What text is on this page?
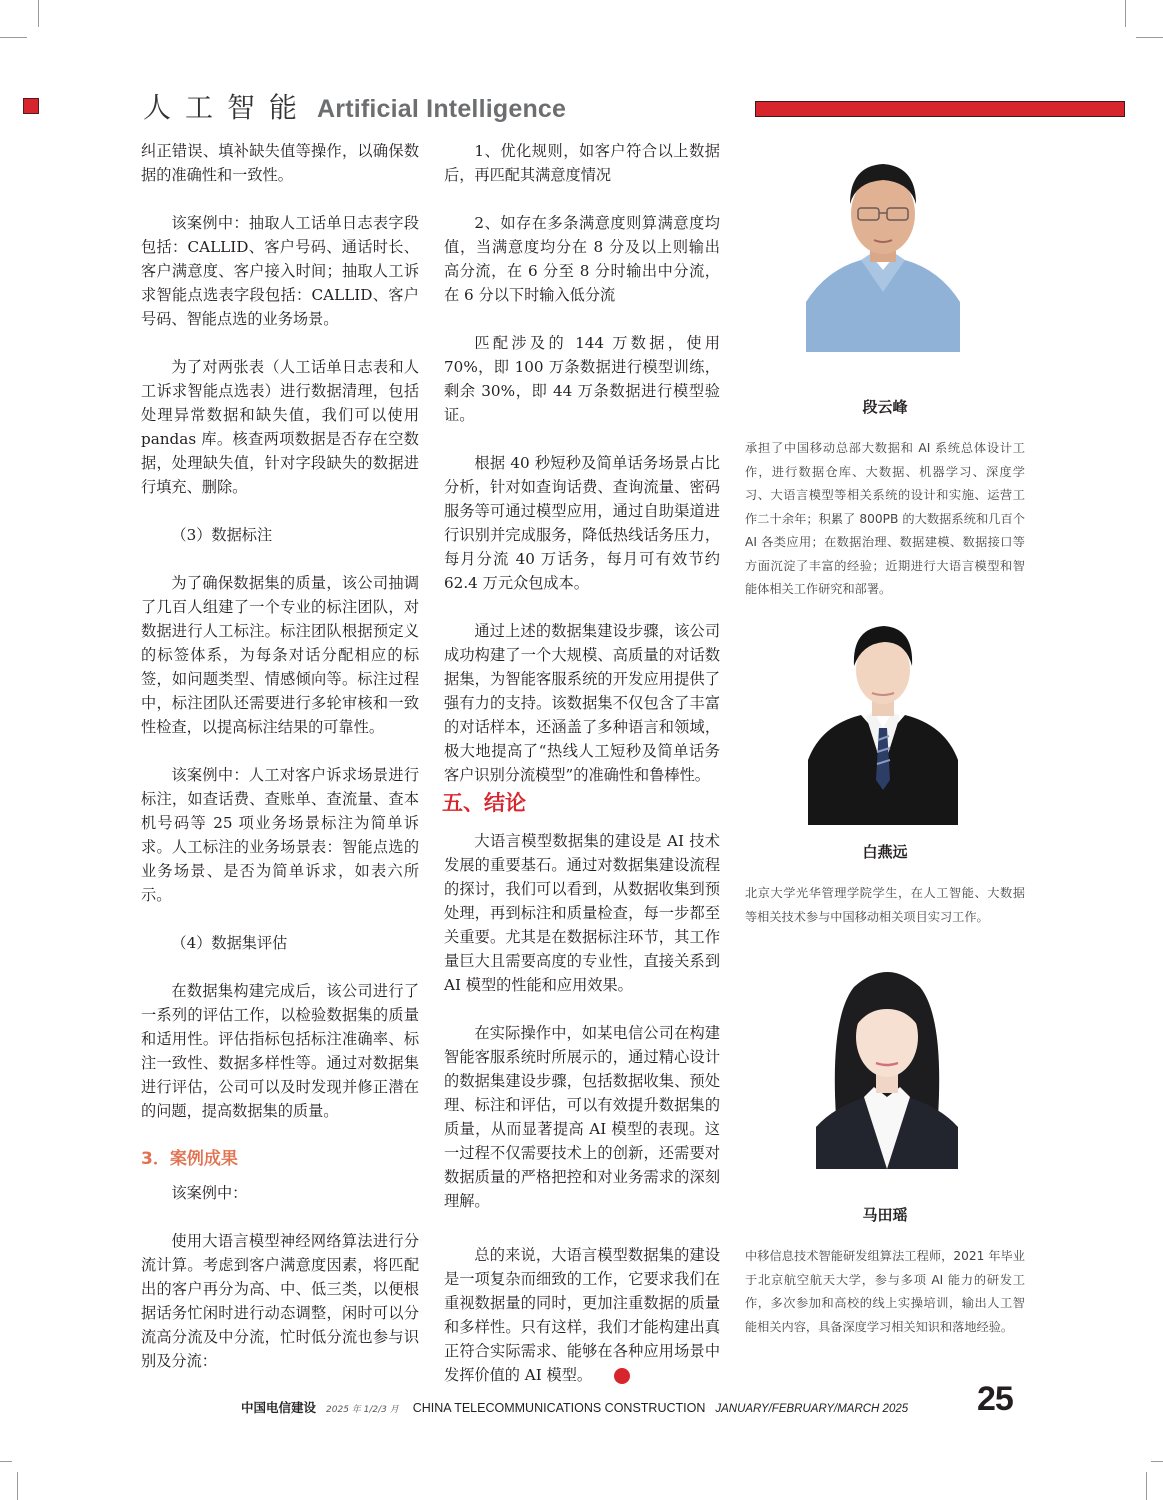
人工智能 Artificial Intelligence

纠正错误、填补缺失值等操作，以确保数据的准确性和一致性。

该案例中：抽取人工话单日志表字段包括：CALLID、客户号码、通话时长、客户满意度、客户接入时间；抽取人工诉求智能点选表字段包括：CALLID、客户号码、智能点选的业务场景。

为了对两张表（人工话单日志表和人工诉求智能点选表）进行数据清理，包括处理异常数据和缺失值，我们可以使用 pandas 库。核查两项数据是否存在空数据，处理缺失值，针对字段缺失的数据进行填充、删除。

（3）数据标注

为了确保数据集的质量，该公司抽调了几百人组建了一个专业的标注团队，对数据进行人工标注。标注团队根据预定义的标签体系，为每条对话分配相应的标签，如问题类型、情感倾向等。标注过程中，标注团队还需要进行多轮审核和一致性检查，以提高标注结果的可靠性。

该案例中：人工对客户诉求场景进行标注，如查话费、查账单、查流量、查本机号码等 25 项业务场景标注为简单诉求。人工标注的业务场景表：智能点选的业务场景、是否为简单诉求，如表六所示。

（4）数据集评估

在数据集构建完成后，该公司进行了一系列的评估工作，以检验数据集的质量和适用性。评估指标包括标注准确率、标注一致性、数据多样性等。通过对数据集进行评估，公司可以及时发现并修正潜在的问题，提高数据集的质量。

3．案例成果

该案例中：

使用大语言模型神经网络算法进行分流计算。考虑到客户满意度因素，将匹配出的客户再分为高、中、低三类，以便根据话务忙闲时进行动态调整，闲时可以分流高分流及中分流，忙时低分流也参与识别及分流：

1、优化规则，如客户符合以上数据后，再匹配其满意度情况

2、如存在多条满意度则算满意度均值，当满意度均分在 8 分及以上则输出高分流，在 6 分至 8 分时输出中分流，在 6 分以下时输入低分流

匹配涉及的 144 万数据，使用 70%，即 100 万条数据进行模型训练，剩余 30%，即 44 万条数据进行模型验证。

根据 40 秒短秒及简单话务场景占比分析，针对如查询话费、查询流量、密码服务等可通过模型应用，通过自助渠道进行识别并完成服务，降低热线话务压力，每月分流 40 万话务，每月可有效节约 62.4 万元众包成本。

通过上述的数据集建设步骤，该公司成功构建了一个大规模、高质量的对话数据集，为智能客服系统的开发应用提供了强有力的支持。该数据集不仅包含了丰富的对话样本，还涵盖了多种语言和领域，极大地提高了“热线人工短秒及简单话务客户识别分流模型”的准确性和鲁棒性。

五、结论

大语言模型数据集的建设是 AI 技术发展的重要基石。通过对数据集建设流程的探讨，我们可以看到，从数据收集到预处理，再到标注和质量检查，每一步都至关重要。尤其是在数据标注环节，其工作量巨大且需要高度的专业性，直接关系到 AI 模型的性能和应用效果。

在实际操作中，如某电信公司在构建智能客服系统时所展示的，通过精心设计的数据集建设步骤，包括数据收集、预处理、标注和评估，可以有效提升数据集的质量，从而显著提高 AI 模型的表现。这一过程不仅需要技术上的创新，还需要对数据质量的严格把控和对业务需求的深刻理解。

总的来说，大语言模型数据集的建设是一项复杂而细致的工作，它要求我们在重视数据量的同时，更加注重数据的质量和多样性。只有这样，我们才能构建出真正符合实际需求、能够在各种应用场景中发挥价值的 AI 模型。	CTC

段云峰
承担了中国移动总部大数据和 AI 系统总体设计工作，进行数据仓库、大数据、机器学习、深度学习、大语言模型等相关系统的设计和实施、运营工作二十余年；积累了 800PB 的大数据系统和几百个 AI 各类应用；在数据治理、数据建模、数据接口等方面沉淀了丰富的经验；近期进行大语言模型和智能体相关工作研究和部署。
白燕远
北京大学光华管理学院学生，在人工智能、大数据等相关技术参与中国移动相关项目实习工作。
马田瑶
中移信息技术智能研发组算法工程师，2021 年毕业于北京航空航天大学，参与多项 AI 能力的研发工作，多次参加和高校的线上实操培训，输出人工智能相关内容，具备深度学习相关知识和落地经验。
中国电信建设 2025 年 1/2/3 月 CHINA TELECOMMUNICATIONS CONSTRUCTION JANUARY/FEBRUARY/MARCH 2025 25
